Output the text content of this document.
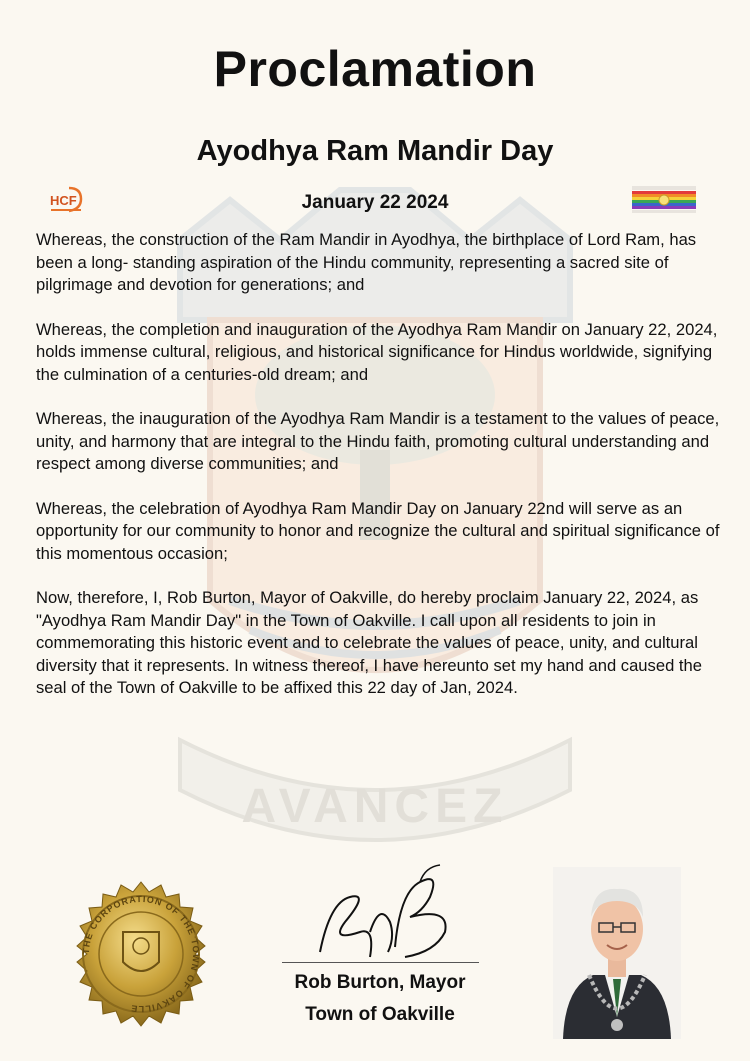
AVANCEZ
Proclamation
Ayodhya Ram Mandir Day
January 22 2024
HCF

Whereas, the construction of the Ram Mandir in Ayodhya, the birthplace of Lord Ram, has been a long- standing aspiration of the Hindu community, representing a sacred site of pilgrimage and devotion for generations; and

Whereas, the completion and inauguration of the Ayodhya Ram Mandir on January 22, 2024, holds immense cultural, religious, and historical significance for Hindus worldwide, signifying the culmination of a centuries-old dream; and

Whereas, the inauguration of the Ayodhya Ram Mandir is a testament to the values of peace, unity, and harmony that are integral to the Hindu faith, promoting cultural understanding and respect among diverse communities; and

Whereas, the celebration of Ayodhya Ram Mandir Day on January 22nd will serve as an opportunity for our community to honor and recognize the cultural and spiritual significance of this momentous occasion;

Now, therefore, I, Rob Burton, Mayor of Oakville, do hereby proclaim January 22, 2024, as "Ayodhya Ram Mandir Day" in the Town of Oakville. I call upon all residents to join in commemorating this historic event and to celebrate the values of peace, unity, and cultural diversity that it represents. In witness thereof, I have hereunto set my hand and caused the seal of the Town of Oakville to be affixed this 22 day of Jan, 2024.

THE CORPORATION OF THE TOWN OF OAKVILLE
Rob Burton, Mayor
Town of Oakville
